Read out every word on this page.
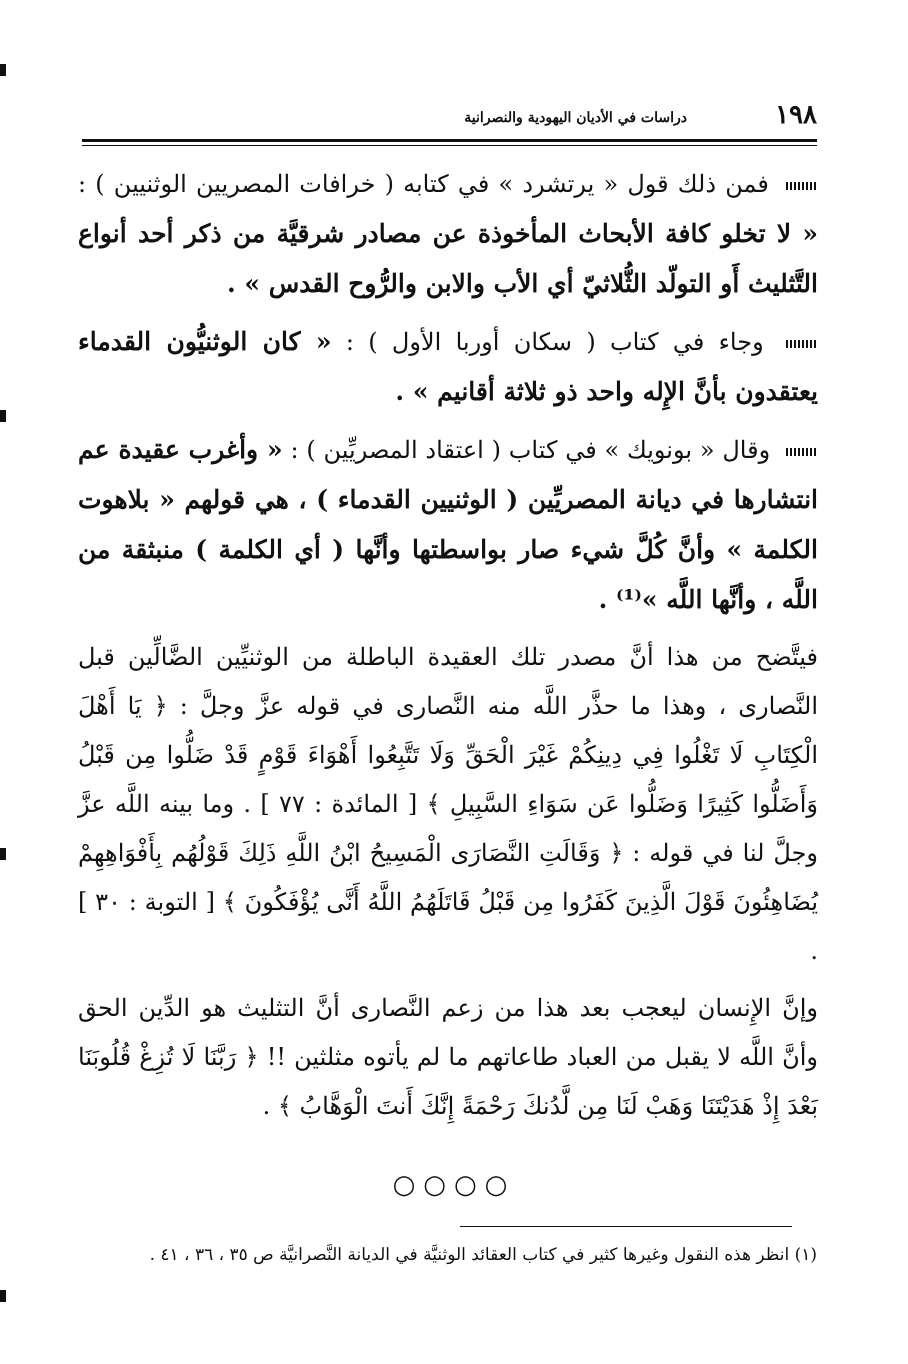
١٩٨
دراسات في الأديان اليهودية والنصرانية

فمن ذلك قول « يرتشرد » في كتابه ( خرافات المصريين الوثنيين ) : « لا تخلو كافة الأبحاث المأخوذة عن مصادر شرقيَّة من ذكر أحد أنواع التَّثليث أَو التولّد الثُّلاثيّ أي الأب والابن والرُّوح القدس » .

وجاء في كتاب ( سكان أوربا الأول ) : « كان الوثنيُّون القدماء يعتقدون بأنَّ الإِله واحد ذو ثلاثة أقانيم » .

وقال « بونويك » في كتاب ( اعتقاد المصريِّين ) : « وأغرب عقيدة عم انتشارها في ديانة المصريِّين ( الوثنيين القدماء ) ، هي قولهم « بلاهوت الكلمة » وأنَّ كُلَّ شيء صار بواسطتها وأنَّها ( أي الكلمة ) منبثقة من اللَّه ، وأنَّها اللَّه »⁽¹⁾ .

فيتَّضح من هذا أنَّ مصدر تلك العقيدة الباطلة من الوثنيِّين الضَّالِّين قبل النَّصارى ، وهذا ما حذَّر اللَّه منه النَّصارى في قوله عزَّ وجلَّ : ﴿ يَا أَهْلَ الْكِتَابِ لَا تَغْلُوا فِي دِينِكُمْ غَيْرَ الْحَقِّ وَلَا تَتَّبِعُوا أَهْوَاءَ قَوْمٍ قَدْ ضَلُّوا مِن قَبْلُ وَأَضَلُّوا كَثِيرًا وَضَلُّوا عَن سَوَاءِ السَّبِيلِ ﴾ [ المائدة : ٧٧ ] . وما بينه اللَّه عزَّ وجلَّ لنا في قوله : ﴿ وَقَالَتِ النَّصَارَى الْمَسِيحُ ابْنُ اللَّهِ ذَلِكَ قَوْلُهُم بِأَفْوَاهِهِمْ يُضَاهِئُونَ قَوْلَ الَّذِينَ كَفَرُوا مِن قَبْلُ قَاتَلَهُمُ اللَّهُ أَنَّى يُؤْفَكُونَ ﴾ [ التوبة : ٣٠ ] .

وإنَّ الإِنسان ليعجب بعد هذا من زعم النَّصارى أنَّ التثليث هو الدِّين الحق وأنَّ اللَّه لا يقبل من العباد طاعاتهم ما لم يأتوه مثلثين !! ﴿ رَبَّنَا لَا تُزِغْ قُلُوبَنَا بَعْدَ إِذْ هَدَيْتَنَا وَهَبْ لَنَا مِن لَّدُنكَ رَحْمَةً إِنَّكَ أَنتَ الْوَهَّابُ ﴾ .

○○○○
(١) انظر هذه النقول وغيرها كثير في كتاب العقائد الوثنيَّة في الديانة النَّصرانيَّة ص ٣٥ ، ٣٦ ، ٤١ .
